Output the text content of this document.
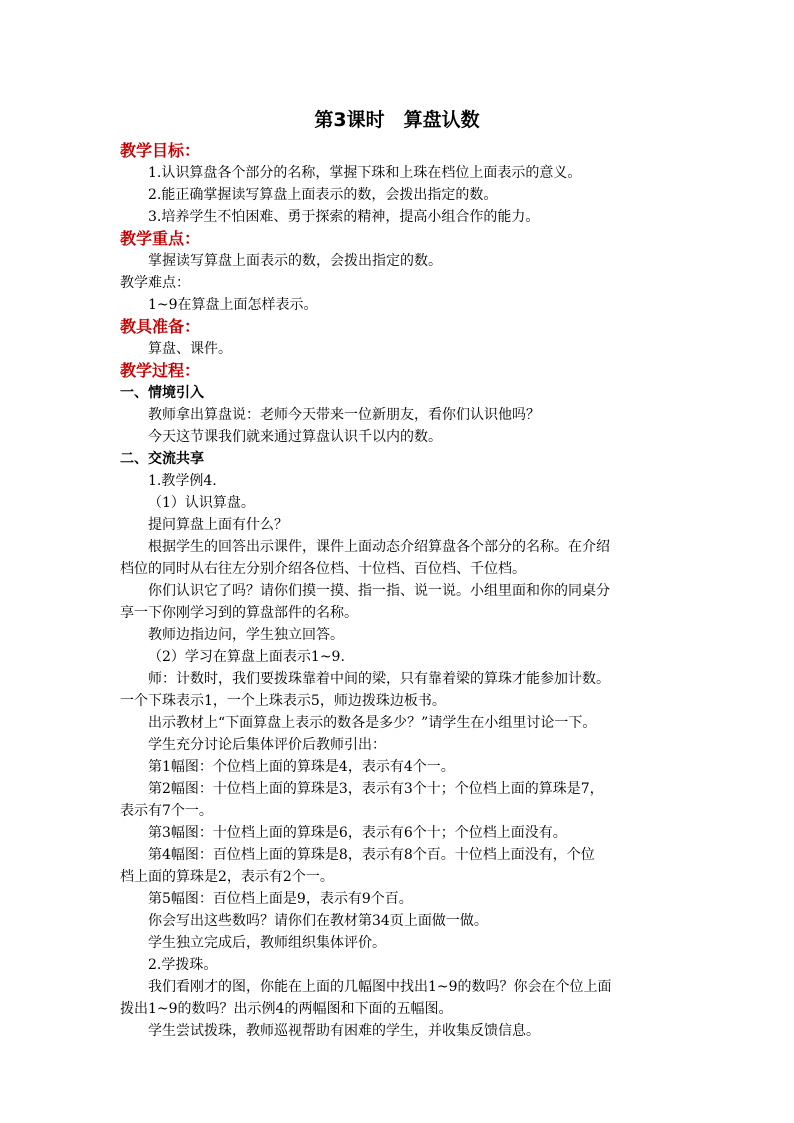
第3课时　算盘认数
教学目标：
1.认识算盘各个部分的名称，掌握下珠和上珠在档位上面表示的意义。
2.能正确掌握读写算盘上面表示的数，会拨出指定的数。
3.培养学生不怕困难、勇于探索的精神，提高小组合作的能力。
教学重点：
掌握读写算盘上面表示的数，会拨出指定的数。
教学难点：
1~9在算盘上面怎样表示。
教具准备：
算盘、课件。
教学过程：
一、情境引入
教师拿出算盘说：老师今天带来一位新朋友，看你们认识他吗？
今天这节课我们就来通过算盘认识千以内的数。
二、交流共享
1.教学例4.
（1）认识算盘。
提问算盘上面有什么？
根据学生的回答出示课件，课件上面动态介绍算盘各个部分的名称。在介绍
档位的同时从右往左分别介绍各位档、十位档、百位档、千位档。
你们认识它了吗？请你们摸一摸、指一指、说一说。小组里面和你的同桌分
享一下你刚学习到的算盘部件的名称。
教师边指边问，学生独立回答。
（2）学习在算盘上面表示1~9.
师：计数时，我们要拨珠靠着中间的梁，只有靠着梁的算珠才能参加计数。
一个下珠表示1，一个上珠表示5，师边拨珠边板书。
出示教材上“下面算盘上表示的数各是多少？”请学生在小组里讨论一下。
学生充分讨论后集体评价后教师引出：
第1幅图：个位档上面的算珠是4，表示有4个一。
第2幅图：十位档上面的算珠是3，表示有3个十；个位档上面的算珠是7，
表示有7个一。
第3幅图：十位档上面的算珠是6，表示有6个十；个位档上面没有。
第4幅图：百位档上面的算珠是8，表示有8个百。十位档上面没有，个位
档上面的算珠是2，表示有2个一。
第5幅图：百位档上面是9，表示有9个百。
你会写出这些数吗？请你们在教材第34页上面做一做。
学生独立完成后，教师组织集体评价。
2.学拨珠。
我们看刚才的图，你能在上面的几幅图中找出1~9的数吗？你会在个位上面
拨出1~9的数吗？出示例4的两幅图和下面的五幅图。
学生尝试拨珠，教师巡视帮助有困难的学生，并收集反馈信息。
